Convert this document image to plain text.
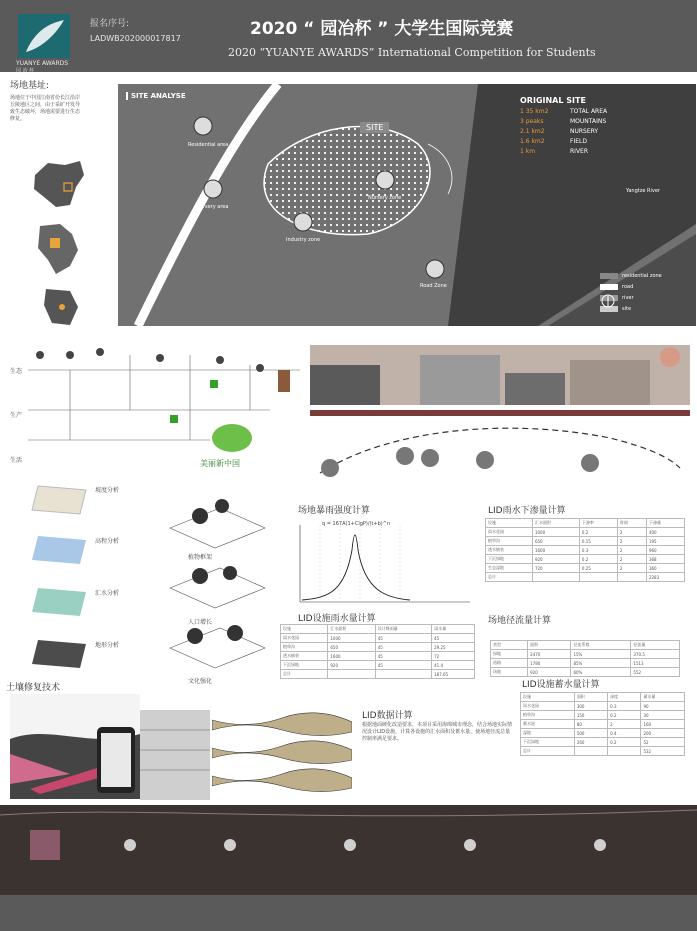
YUANYE AWARDS
园 冶 杯
报名序号:
LADWB202000017817	2020 “ 园冶杯 ” 大学生国际竞赛
2020 “YUANYE AWARDS” International Competition for Students
场地基址:
场地位于中国江南省份长江沿岸丘陵地区之间，由于采矿开发导致生态破坏，场地需要进行生态修复。
SITE ANALYSE
SITE
Residential area
Nursery area
Nursery zone
Industry zone
Road Zone
ORIGINAL SITE
1 35 km2	TOTAL AREA
3 peaks	MOUNTAINS
2.1 km2	NURSERY
1.6 km2	FIELD
1 km	RIVER
Yangtze River
residential zone
road
river
site
生态
生产
生活	美丽新中国
坡度分析
高程分析
汇水分析
地形分析
植物框架
人口增长
文化强化
场地暴雨强度计算
q = 167A(1+ClgP)/(t+b)^n
LID设施雨水量计算
设施	汇水面积	设计降雨量	雨水量
雨水花园	1000	45	45
植草沟	650	45	29.25
透水铺装	1600	45	72
下沉绿地	920	45	41.4
总计			187.65
LID雨水下渗量计算
设施	汇水面积	下渗率	时间	下渗量
雨水花园	1000	0.2	2	400
植草沟	650	0.15	2	195
透水铺装	1600	0.3	2	960
下沉绿地	920	0.2	2	368
生态湿地	720	0.25	2	360
总计				2283
场地径流量计算
类型	面积	径流系数	径流量
绿地	2470	15%	370.5
道路	1780	85%	1513
场地	920	60%	552
LID设施蓄水量计算
设施	面积	深度	蓄水量
雨水花园	300	0.3	90
植草沟	150	0.2	30
蓄水池	80	2	160
湿地	500	0.4	200
下沉绿地	260	0.2	52
总计			532
土壤修复技术
LID数据计算
根据地面硬化改造要求，本项目采用海绵城市理念，结合场地实际情况设计LID设施，计算各设施的汇水面积及蓄水量，使场地径流总量控制率满足要求。
